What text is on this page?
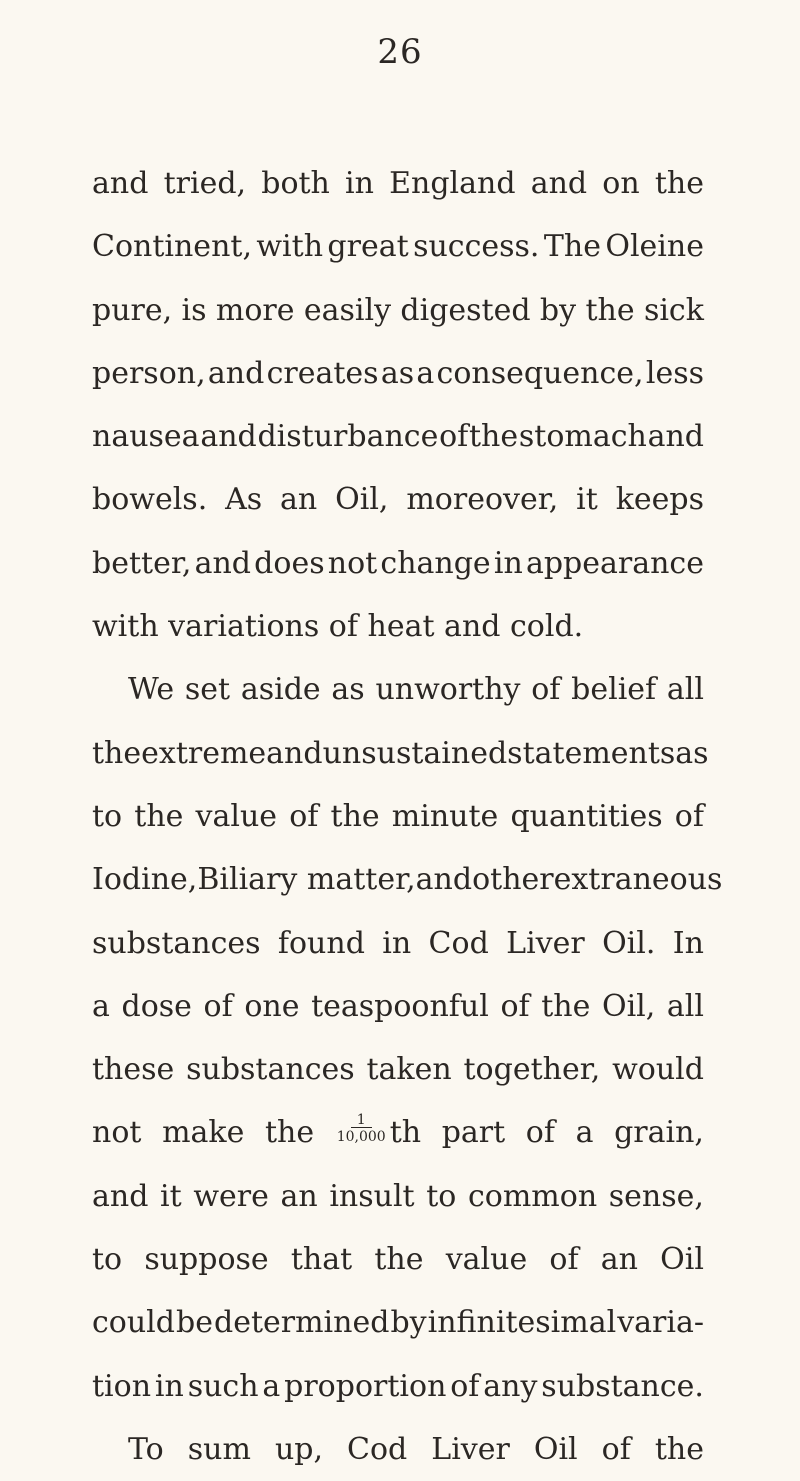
26
and tried, both in England and on the
Continent, with great success. The Oleine
pure, is more easily digested by the sick
person, and creates as a consequence, less
nausea and disturbance of the stomach and
bowels. As an Oil, moreover, it keeps
better, and does not change in appearance
with variations of heat and cold.
We set aside as unworthy of belief all
the extreme and unsustained statements as
to the value of the minute quantities of
Iodine, Biliary matter, and other extraneous
substances found in Cod Liver Oil. In
a dose of one teaspoonful of the Oil, all
these substances taken together, would
not make the $\frac{1}{10,000}$ th part of a grain,
and it were an insult to common sense,
to suppose that the value of an Oil
could be determined by infinitesimal varia-
tion in such a proportion of any substance.
To sum up, Cod Liver Oil of the
